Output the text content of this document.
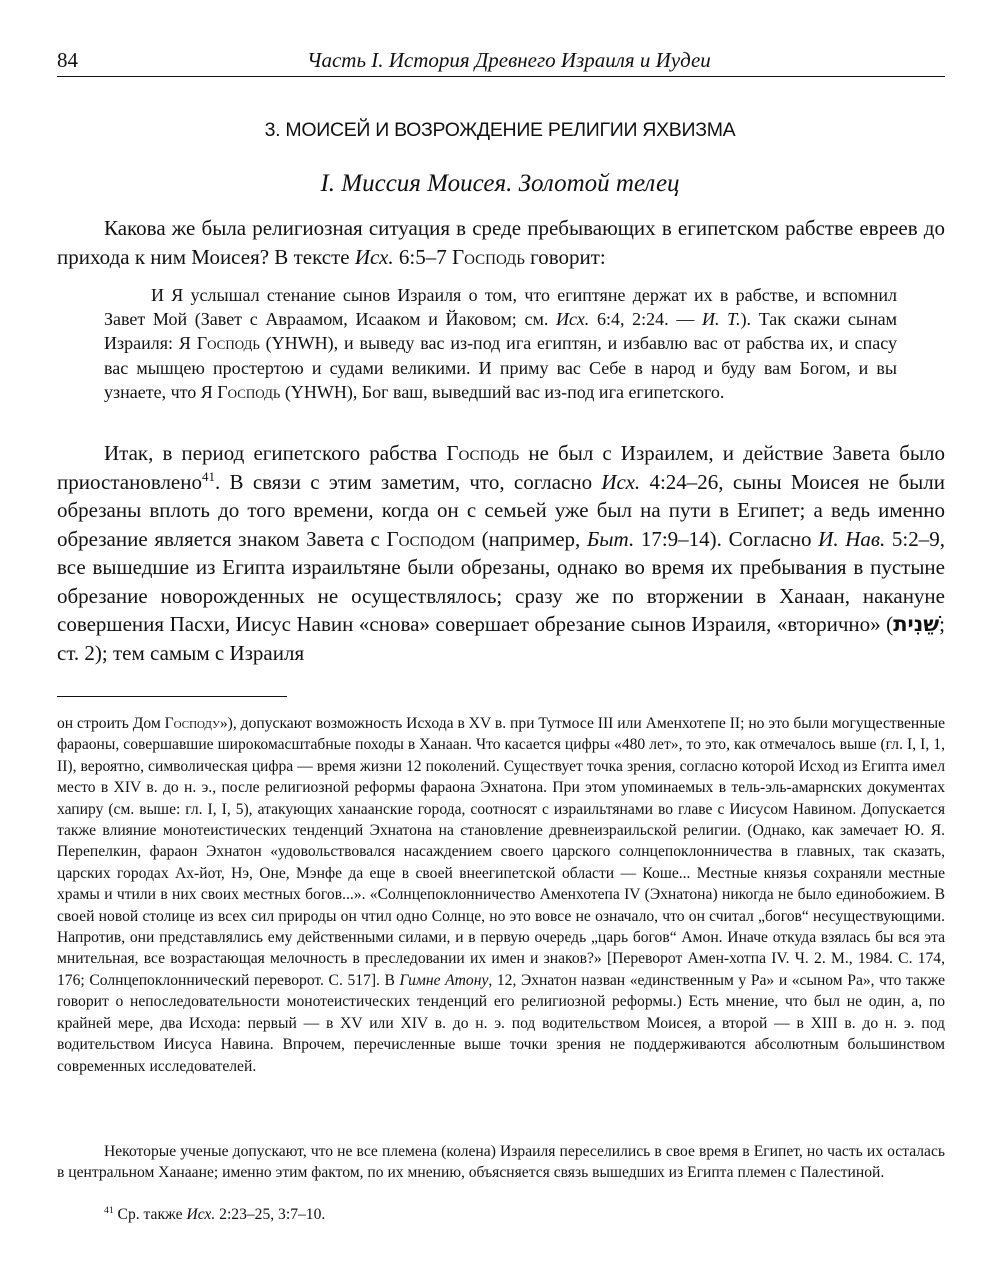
84	Часть I. История Древнего Израиля и Иудеи
3. МОИСЕЙ И ВОЗРОЖДЕНИЕ РЕЛИГИИ ЯХВИЗМА
I. Миссия Моисея. Золотой телец

Какова же была религиозная ситуация в среде пребывающих в египетском рабстве евреев до прихода к ним Моисея? В тексте Исх. 6:5–7 Господь говорит:

И Я услышал стенание сынов Израиля о том, что египтяне держат их в рабстве, и вспомнил Завет Мой (Завет с Авраамом, Исааком и Йаковом; см. Исх. 6:4, 2:24. — И. Т.). Так скажи сынам Израиля: Я Господь (YHWH), и выведу вас из-под ига египтян, и избавлю вас от рабства их, и спасу вас мышцею простертою и судами великими. И приму вас Себе в народ и буду вам Богом, и вы узнаете, что Я Господь (YHWH), Бог ваш, выведший вас из-под ига египетского.

Итак, в период египетского рабства Господь не был с Израилем, и действие Завета было приостановлено$^{41}$. В связи с этим заметим, что, согласно Исх. 4:24–26, сыны Моисея не были обрезаны вплоть до того времени, когда он с семьей уже был на пути в Египет; а ведь именно обрезание является знаком Завета с Господом (например, Быт. 17:9–14). Согласно И. Нав. 5:2–9, все вышедшие из Египта израильтяне были обрезаны, однако во время их пребывания в пустыне обрезание новорожденных не осуществлялось; сразу же по вторжении в Ханаан, накануне совершения Пасхи, Иисус Навин «снова» совершает обрезание сынов Израиля, «вторично» (שֵׁנִית; ст. 2); тем самым с Израиля

он строить Дом Господу»), допускают возможность Исхода в XV в. при Тутмосе III или Аменхотепе II; но это были могущественные фараоны, совершавшие широкомасштабные походы в Ханаан. Что касается цифры «480 лет», то это, как отмечалось выше (гл. I, I, 1, II), вероятно, символическая цифра — время жизни 12 поколений. Существует точка зрения, согласно которой Исход из Египта имел место в XIV в. до н. э., после религиозной реформы фараона Эхнатона. При этом упоминаемых в тель-эль-амарнских документах хапиру (см. выше: гл. I, I, 5), атакующих ханаанские города, соотносят с израильтянами во главе с Иисусом Навином. Допускается также влияние монотеистических тенденций Эхнатона на становление древнеизраильской религии. (Однако, как замечает Ю. Я. Перепелкин, фараон Эхнатон «удовольствовался насаждением своего царского солнцепоклонничества в главных, так сказать, царских городах Ах-йот, Нэ, Оне, Мэнфе да еще в своей внеегипетской области — Коше... Местные князья сохраняли местные храмы и чтили в них своих местных богов...». «Солнцепоклонничество Аменхотепа IV (Эхнатона) никогда не было единобожием. В своей новой столице из всех сил природы он чтил одно Солнце, но это вовсе не означало, что он считал „богов“ несуществующими. Напротив, они представлялись ему действенными силами, и в первую очередь „царь богов“ Амон. Иначе откуда взялась бы вся эта мнительная, все возрастающая мелочность в преследовании их имен и знаков?» [Переворот Амен-хотпа IV. Ч. 2. М., 1984. С. 174, 176; Солнцепоклоннический переворот. С. 517]. В Гимне Атону, 12, Эхнатон назван «единственным у Ра» и «сыном Ра», что также говорит о непоследовательности монотеистических тенденций его религиозной реформы.) Есть мнение, что был не один, а, по крайней мере, два Исхода: первый — в XV или XIV в. до н. э. под водительством Моисея, а второй — в XIII в. до н. э. под водительством Иисуса Навина. Впрочем, перечисленные выше точки зрения не поддерживаются абсолютным большинством современных исследователей.

Некоторые ученые допускают, что не все племена (колена) Израиля переселились в свое время в Египет, но часть их осталась в центральном Ханаане; именно этим фактом, по их мнению, объясняется связь вышедших из Египта племен с Палестиной.

$^{41}$ Ср. также Исх. 2:23–25, 3:7–10.
